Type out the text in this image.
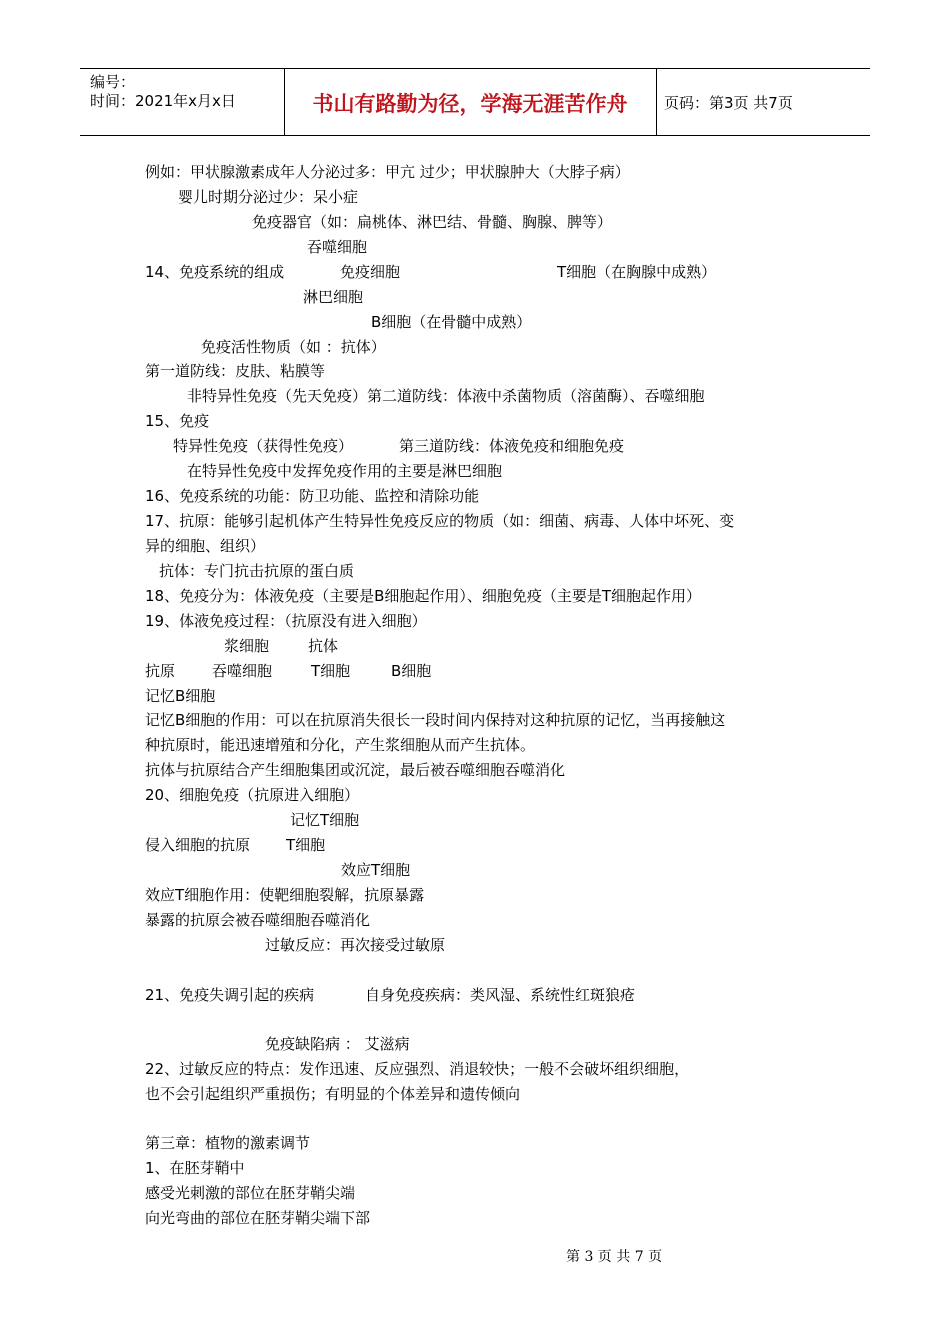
编号：
时间：2021年x月x日	书山有路勤为径，学海无涯苦作舟	页码：第3页 共7页
例如：甲状腺激素成年人分泌过多：甲亢 过少；甲状腺肿大（大脖子病）
婴儿时期分泌过少：呆小症
免疫器官（如：扁桃体、淋巴结、骨髓、胸腺、脾等）
吞噬细胞
14、免疫系统的组成	免疫细胞	T细胞（在胸腺中成熟）
淋巴细胞
B细胞（在骨髓中成熟）
免疫活性物质（如 ：抗体）
第一道防线：皮肤、粘膜等
非特异性免疫（先天免疫）第二道防线：体液中杀菌物质（溶菌酶）、吞噬细胞
15、免疫
特异性免疫（获得性免疫）	第三道防线：体液免疫和细胞免疫
在特异性免疫中发挥免疫作用的主要是淋巴细胞
16、免疫系统的功能：防卫功能、监控和清除功能
17、抗原：能够引起机体产生特异性免疫反应的物质（如：细菌、病毒、人体中坏死、变
异的细胞、组织）
抗体：专门抗击抗原的蛋白质
18、免疫分为：体液免疫（主要是B细胞起作用）、细胞免疫（主要是T细胞起作用）
19、体液免疫过程：（抗原没有进入细胞）
浆细胞	抗体
抗原 吞噬细胞	T细胞	B细胞
记忆B细胞
记忆B细胞的作用：可以在抗原消失很长一段时间内保持对这种抗原的记忆，当再接触这
种抗原时，能迅速增殖和分化，产生浆细胞从而产生抗体。
抗体与抗原结合产生细胞集团或沉淀，最后被吞噬细胞吞噬消化
20、细胞免疫（抗原进入细胞）
记忆T细胞
侵入细胞的抗原 T细胞
效应T细胞
效应T细胞作用：使靶细胞裂解，抗原暴露
暴露的抗原会被吞噬细胞吞噬消化
过敏反应：再次接受过敏原
21、免疫失调引起的疾病	自身免疫疾病：类风湿、系统性红斑狼疮
免疫缺陷病 ： 艾滋病
22、过敏反应的特点：发作迅速、反应强烈、消退较快；一般不会破坏组织细胞，
也不会引起组织严重损伤；有明显的个体差异和遗传倾向
第三章：植物的激素调节
1、在胚芽鞘中
感受光刺激的部位在胚芽鞘尖端
向光弯曲的部位在胚芽鞘尖端下部
第 3 页 共 7 页
